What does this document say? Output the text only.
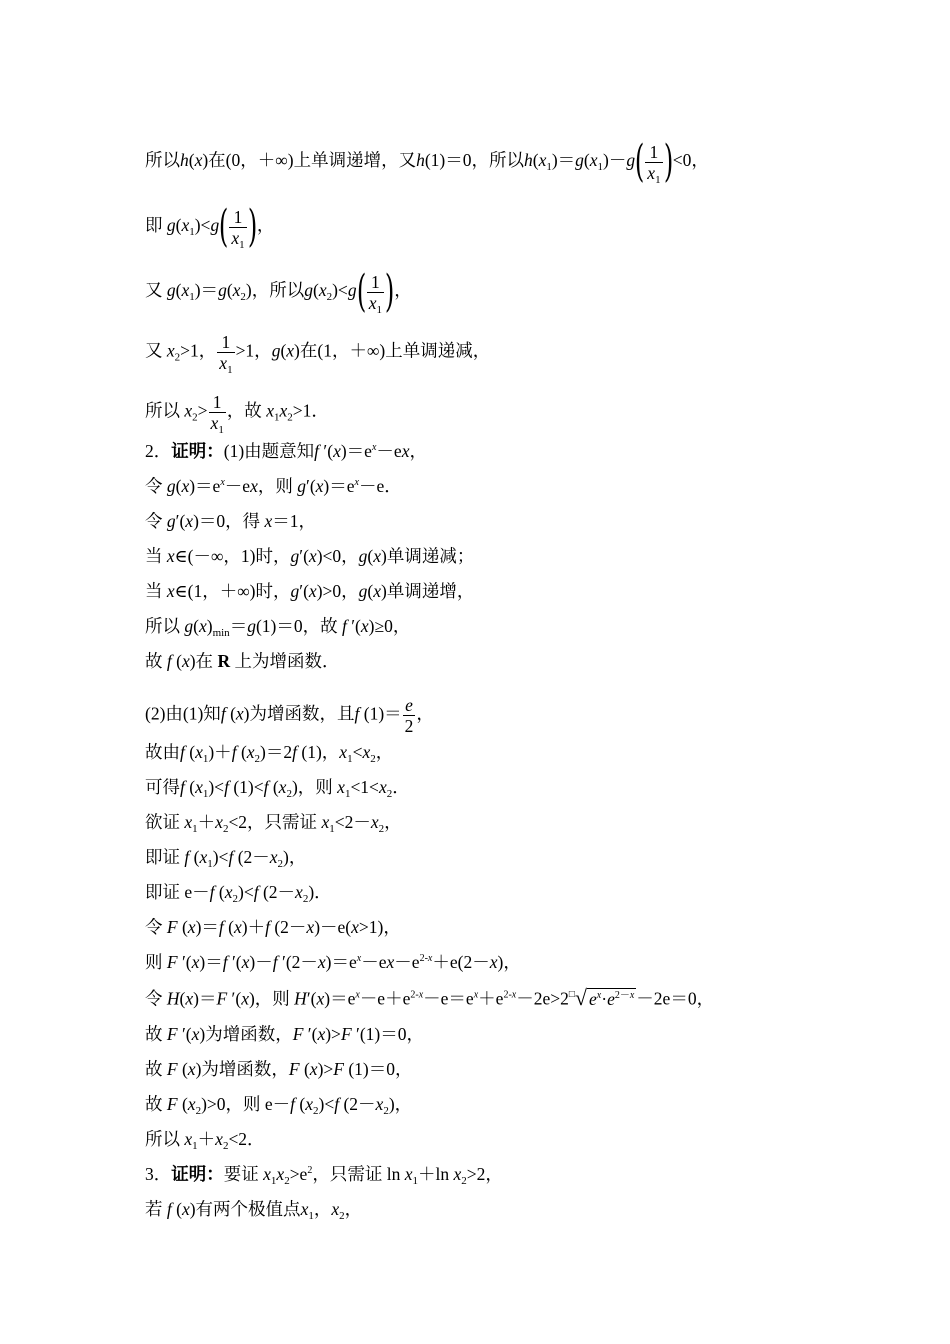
所以h(x)在(0，＋∞)上单调递增，又h(1)＝0，所以$h(x_1)=g(x_1)-g( \frac{1}{x_1} )<0$，
即 $g(x_1)<g( \frac{1}{x_1}$ )，
又 $g(x_1)=g(x_2)$，所以$g(x_2)<g( \frac{1}{x_1}$ )，
又 $x_2>1$， $\frac{1}{x_1} >1$，g(x)在(1，＋∞)上单调递减，
所以 $x_2> \frac{1}{x_1}$ ，故 $x_1x_2>1$．
2．证明：(1)由题意知f $'(x)=e^x-ex$，
令 $g(x)=e^x-ex$，则 $g'(x)=e^x-e$．
令 g′(x)＝0，得 x＝1，
当 x∈(－∞，1)时，g′(x)<0，g(x)单调递减；
当 x∈(1，＋∞)时，g′(x)>0，g(x)单调递增，
所以 $g(x)_{min}=g(1)=0$，故 f ′(x)≥0，
故 f (x)在 R 上为增函数．
(2)由(1)知f (x)为增函数，且f $(1)= \frac{e}{2}$ ，
故由f $(x_1)+f$ $(x_2)=2f$ (1)，$x_1<x_2$，
可得f $(x_1)<f$ (1)<f $(x_2)$，则 $x_1<1<x_2$．
欲证 $x_1+x_2<2$，只需证 $x_1<2-x_2$，
即证 f $(x_1)<f$ $(2-x_2)$，
即证 e－f $(x_2)<f$ $(2-x_2)$．
令 F (x)＝f (x)＋f (2－x)－e(x>1)，
则 F ′(x)＝f ′(x)－f $'(2-x)=e^x-ex-e^{2-x}+e(2-x)$，
令 H(x)＝F ′(x)，则 $H'(x)=e^x-e+e^{2-x}-e=e^x+e^{2-x}-2e>2^□√$ $e^x\cdot e^{2-x} -2e=0$，
故 F ′(x)为增函数，F ′(x)>F ′(1)＝0，
故 F (x)为增函数，F (x)>F (1)＝0，
故 F $(x_2)>0$，则 e－f $(x_2)<f$ $(2-x_2)$，
所以 $x_1+x_2<2$．
3．证明：要证 $x_1x_2>e^2$，只需证 $\ln x_1+\ln$ $x_2>2$，
若 f (x)有两个极值点$x_1$，$x_2$，
